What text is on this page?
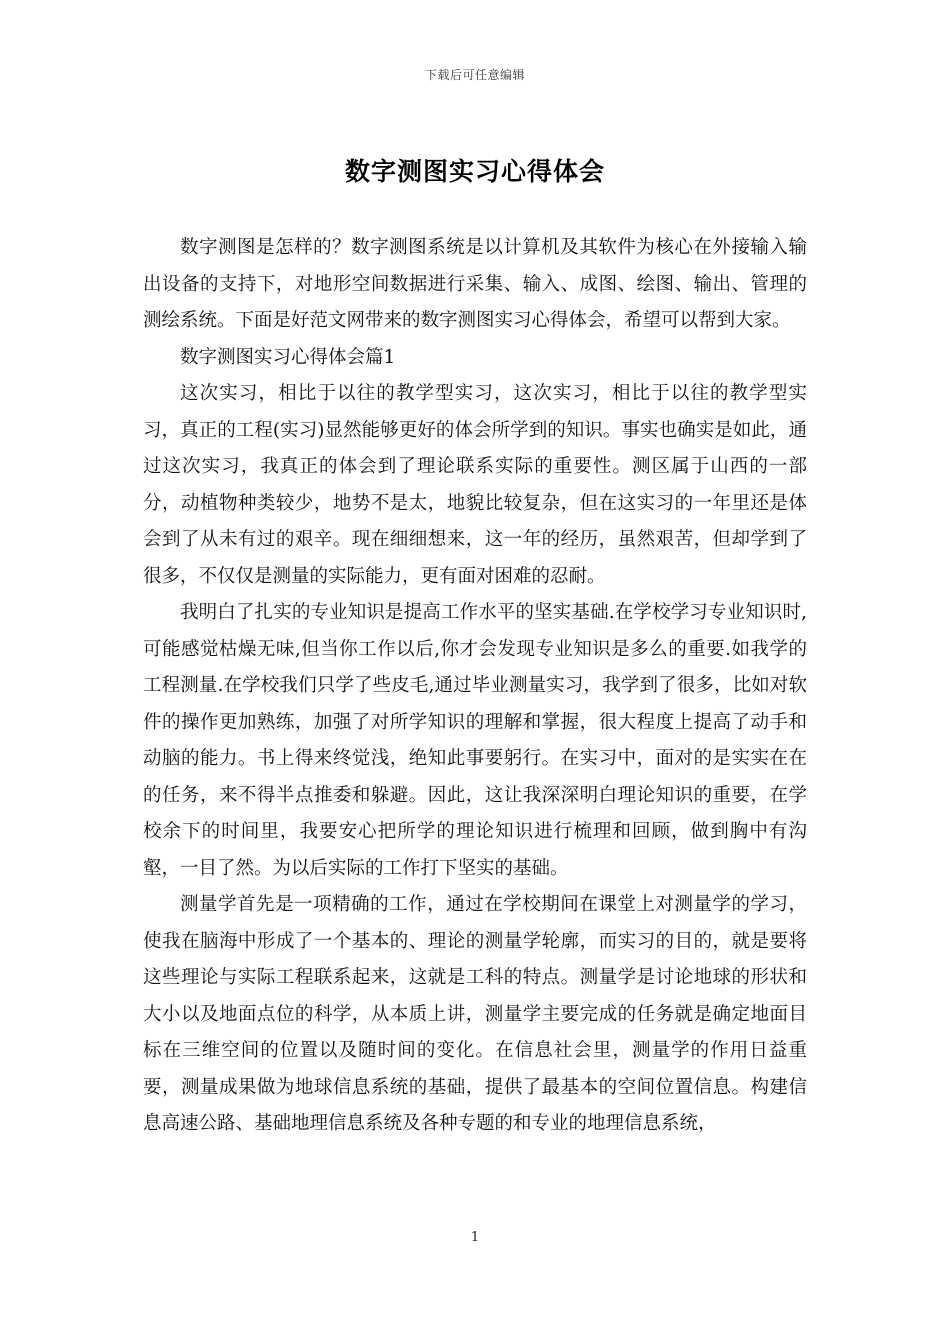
下载后可任意编辑
数字测图实习心得体会

数字测图是怎样的？数字测图系统是以计算机及其软件为核心在外接输入输出设备的支持下，对地形空间数据进行采集、输入、成图、绘图、输出、管理的测绘系统。下面是好范文网带来的数字测图实习心得体会，希望可以帮到大家。

数字测图实习心得体会篇1

这次实习，相比于以往的教学型实习，这次实习，相比于以往的教学型实习，真正的工程(实习)显然能够更好的体会所学到的知识。事实也确实是如此，通过这次实习，我真正的体会到了理论联系实际的重要性。测区属于山西的一部分，动植物种类较少，地势不是太，地貌比较复杂，但在这实习的一年里还是体会到了从未有过的艰辛。现在细细想来，这一年的经历，虽然艰苦，但却学到了很多，不仅仅是测量的实际能力，更有面对困难的忍耐。

我明白了扎实的专业知识是提高工作水平的坚实基础.在学校学习专业知识时,可能感觉枯燥无味,但当你工作以后,你才会发现专业知识是多么的重要.如我学的工程测量.在学校我们只学了些皮毛,通过毕业测量实习，我学到了很多，比如对软件的操作更加熟练，加强了对所学知识的理解和掌握，很大程度上提高了动手和动脑的能力。书上得来终觉浅，绝知此事要躬行。在实习中，面对的是实实在在的任务，来不得半点推委和躲避。因此，这让我深深明白理论知识的重要，在学校余下的时间里，我要安心把所学的理论知识进行梳理和回顾，做到胸中有沟壑，一目了然。为以后实际的工作打下坚实的基础。

测量学首先是一项精确的工作，通过在学校期间在课堂上对测量学的学习，使我在脑海中形成了一个基本的、理论的测量学轮廓，而实习的目的，就是要将这些理论与实际工程联系起来，这就是工科的特点。测量学是讨论地球的形状和大小以及地面点位的科学，从本质上讲，测量学主要完成的任务就是确定地面目标在三维空间的位置以及随时间的变化。在信息社会里，测量学的作用日益重要，测量成果做为地球信息系统的基础，提供了最基本的空间位置信息。构建信息高速公路、基础地理信息系统及各种专题的和专业的地理信息系统，

1
